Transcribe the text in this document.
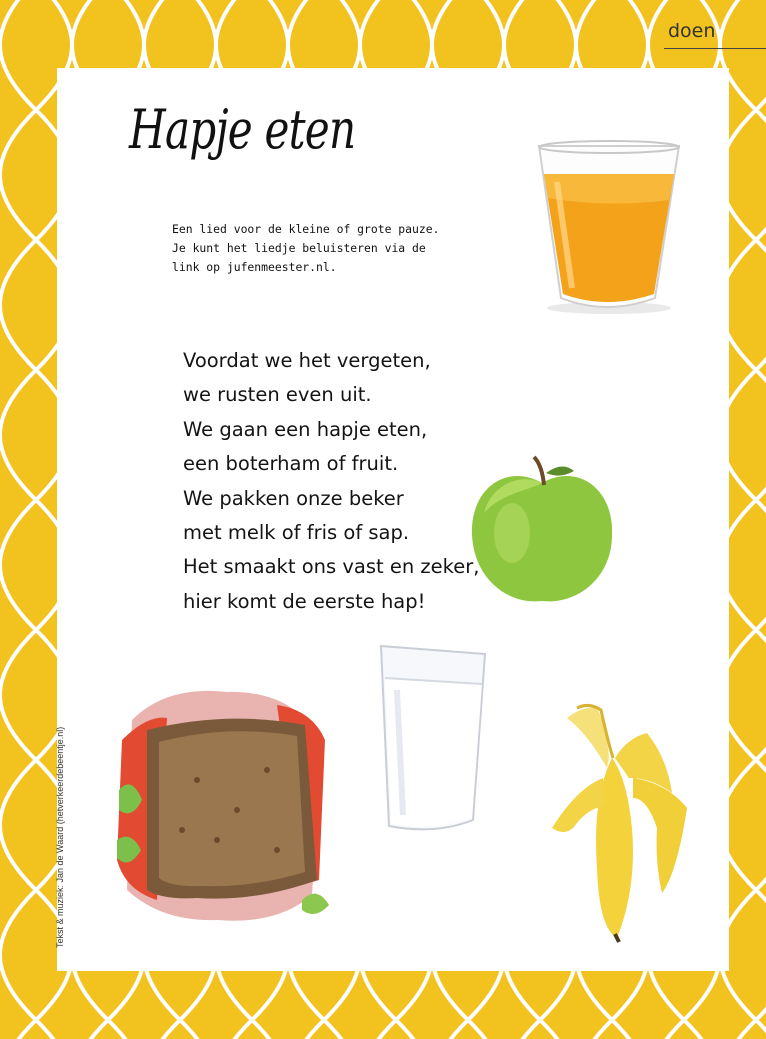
doen
Hapje eten

Een lied voor de kleine of grote pauze.
Je kunt het liedje beluisteren via de
link op jufenmeester.nl.

Voordat we het vergeten,
we rusten even uit.
We gaan een hapje eten,
een boterham of fruit.
We pakken onze beker
met melk of fris of sap.
Het smaakt ons vast en zeker,
hier komt de eerste hap!
Tekst & muziek: Jan de Waard (hetverkeerdebeentje.nl)
